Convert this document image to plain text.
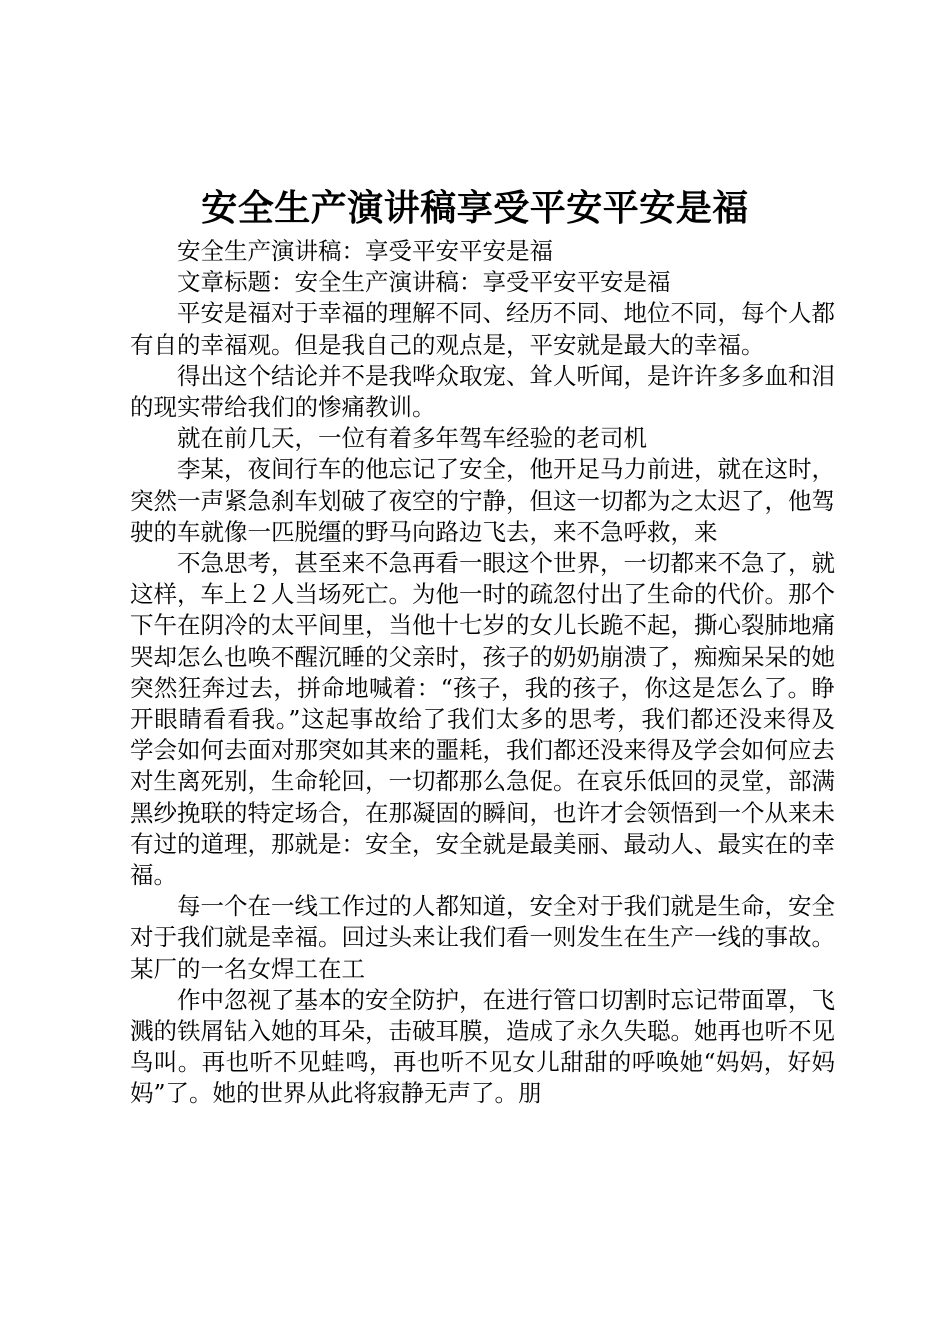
安全生产演讲稿享受平安平安是福

安全生产演讲稿：享受平安平安是福

文章标题：安全生产演讲稿：享受平安平安是福

平安是福对于幸福的理解不同、经历不同、地位不同，每个人都有自的幸福观。但是我自己的观点是，平安就是最大的幸福。

得出这个结论并不是我哗众取宠、耸人听闻，是许许多多血和泪的现实带给我们的惨痛教训。

就在前几天，一位有着多年驾车经验的老司机

李某，夜间行车的他忘记了安全，他开足马力前进，就在这时，突然一声紧急刹车划破了夜空的宁静，但这一切都为之太迟了，他驾驶的车就像一匹脱缰的野马向路边飞去，来不急呼救，来

不急思考，甚至来不急再看一眼这个世界，一切都来不急了，就这样，车上２人当场死亡。为他一时的疏忽付出了生命的代价。那个下午在阴冷的太平间里，当他十七岁的女儿长跪不起，撕心裂肺地痛哭却怎么也唤不醒沉睡的父亲时，孩子的奶奶崩溃了，痴痴呆呆的她突然狂奔过去，拼命地喊着：“孩子，我的孩子，你这是怎么了。睁开眼睛看看我。”这起事故给了我们太多的思考，我们都还没来得及学会如何去面对那突如其来的噩耗，我们都还没来得及学会如何应去对生离死别，生命轮回，一切都那么急促。在哀乐低回的灵堂，部满黑纱挽联的特定场合，在那凝固的瞬间，也许才会领悟到一个从来未有过的道理，那就是：安全，安全就是最美丽、最动人、最实在的幸福。

每一个在一线工作过的人都知道，安全对于我们就是生命，安全对于我们就是幸福。回过头来让我们看一则发生在生产一线的事故。某厂的一名女焊工在工

作中忽视了基本的安全防护，在进行管口切割时忘记带面罩，飞溅的铁屑钻入她的耳朵，击破耳膜，造成了永久失聪。她再也听不见鸟叫。再也听不见蛙鸣，再也听不见女儿甜甜的呼唤她“妈妈，好妈妈”了。她的世界从此将寂静无声了。朋
